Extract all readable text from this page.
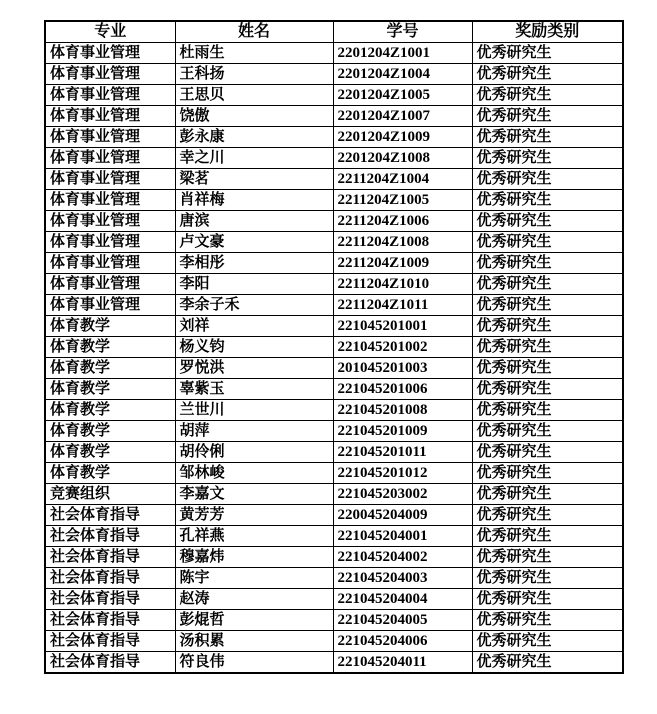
专业	姓名	学号	奖励类别
体育事业管理	杜雨生	2201204Z1001	优秀研究生
体育事业管理	王科扬	2201204Z1004	优秀研究生
体育事业管理	王思贝	2201204Z1005	优秀研究生
体育事业管理	饶傲	2201204Z1007	优秀研究生
体育事业管理	彭永康	2201204Z1009	优秀研究生
体育事业管理	幸之川	2201204Z1008	优秀研究生
体育事业管理	梁茗	2211204Z1004	优秀研究生
体育事业管理	肖祥梅	2211204Z1005	优秀研究生
体育事业管理	唐滨	2211204Z1006	优秀研究生
体育事业管理	卢文豪	2211204Z1008	优秀研究生
体育事业管理	李相彤	2211204Z1009	优秀研究生
体育事业管理	李阳	2211204Z1010	优秀研究生
体育事业管理	李余子禾	2211204Z1011	优秀研究生
体育教学	刘祥	221045201001	优秀研究生
体育教学	杨义钧	221045201002	优秀研究生
体育教学	罗悦洪	201045201003	优秀研究生
体育教学	辜紫玉	221045201006	优秀研究生
体育教学	兰世川	221045201008	优秀研究生
体育教学	胡萍	221045201009	优秀研究生
体育教学	胡伶俐	221045201011	优秀研究生
体育教学	邹林峻	221045201012	优秀研究生
竞赛组织	李嘉文	221045203002	优秀研究生
社会体育指导	黄芳芳	220045204009	优秀研究生
社会体育指导	孔祥燕	221045204001	优秀研究生
社会体育指导	穆嘉炜	221045204002	优秀研究生
社会体育指导	陈宇	221045204003	优秀研究生
社会体育指导	赵涛	221045204004	优秀研究生
社会体育指导	彭焜哲	221045204005	优秀研究生
社会体育指导	汤积累	221045204006	优秀研究生
社会体育指导	符良伟	221045204011	优秀研究生
